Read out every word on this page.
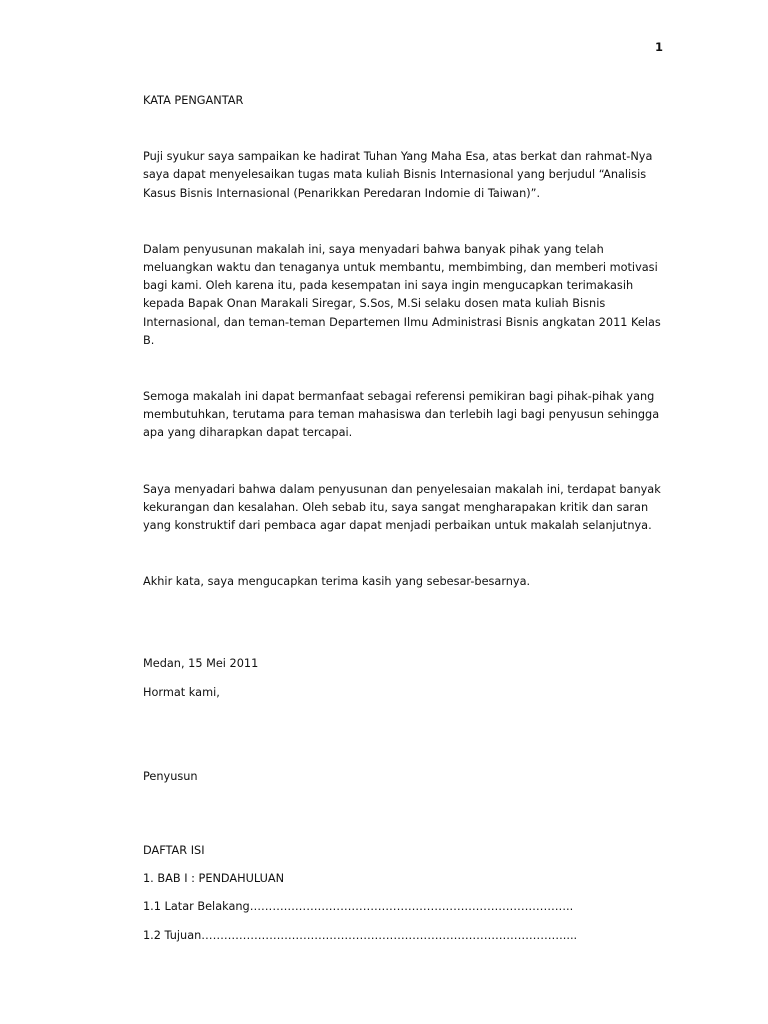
1

KATA PENGANTAR

Puji syukur saya sampaikan ke hadirat Tuhan Yang Maha Esa, atas berkat dan rahmat-Nya saya dapat menyelesaikan tugas mata kuliah Bisnis Internasional yang berjudul “Analisis Kasus Bisnis Internasional (Penarikkan Peredaran Indomie di Taiwan)”.

Dalam penyusunan makalah ini, saya menyadari bahwa banyak pihak yang telah meluangkan waktu dan tenaganya untuk membantu, membimbing, dan memberi motivasi bagi kami. Oleh karena itu, pada kesempatan ini saya ingin mengucapkan terimakasih kepada Bapak Onan Marakali Siregar, S.Sos, M.Si selaku dosen mata kuliah Bisnis Internasional, dan teman-teman Departemen Ilmu Administrasi Bisnis angkatan 2011 Kelas B.

Semoga makalah ini dapat bermanfaat sebagai referensi pemikiran bagi pihak-pihak yang membutuhkan, terutama para teman mahasiswa dan terlebih lagi bagi penyusun sehingga apa yang diharapkan dapat tercapai.

Saya menyadari bahwa dalam penyusunan dan penyelesaian makalah ini, terdapat banyak kekurangan dan kesalahan. Oleh sebab itu, saya sangat mengharapakan kritik dan saran yang konstruktif dari pembaca agar dapat menjadi perbaikan untuk makalah selanjutnya.

Akhir kata, saya mengucapkan terima kasih yang sebesar-besarnya.

Medan, 15 Mei 2011

Hormat kami,

Penyusun

DAFTAR ISI

1. BAB I : PENDAHULUAN

1.1 Latar Belakang…………………………………………………………………………..

1.2 Tujuan……………………………………………………………………………………....
